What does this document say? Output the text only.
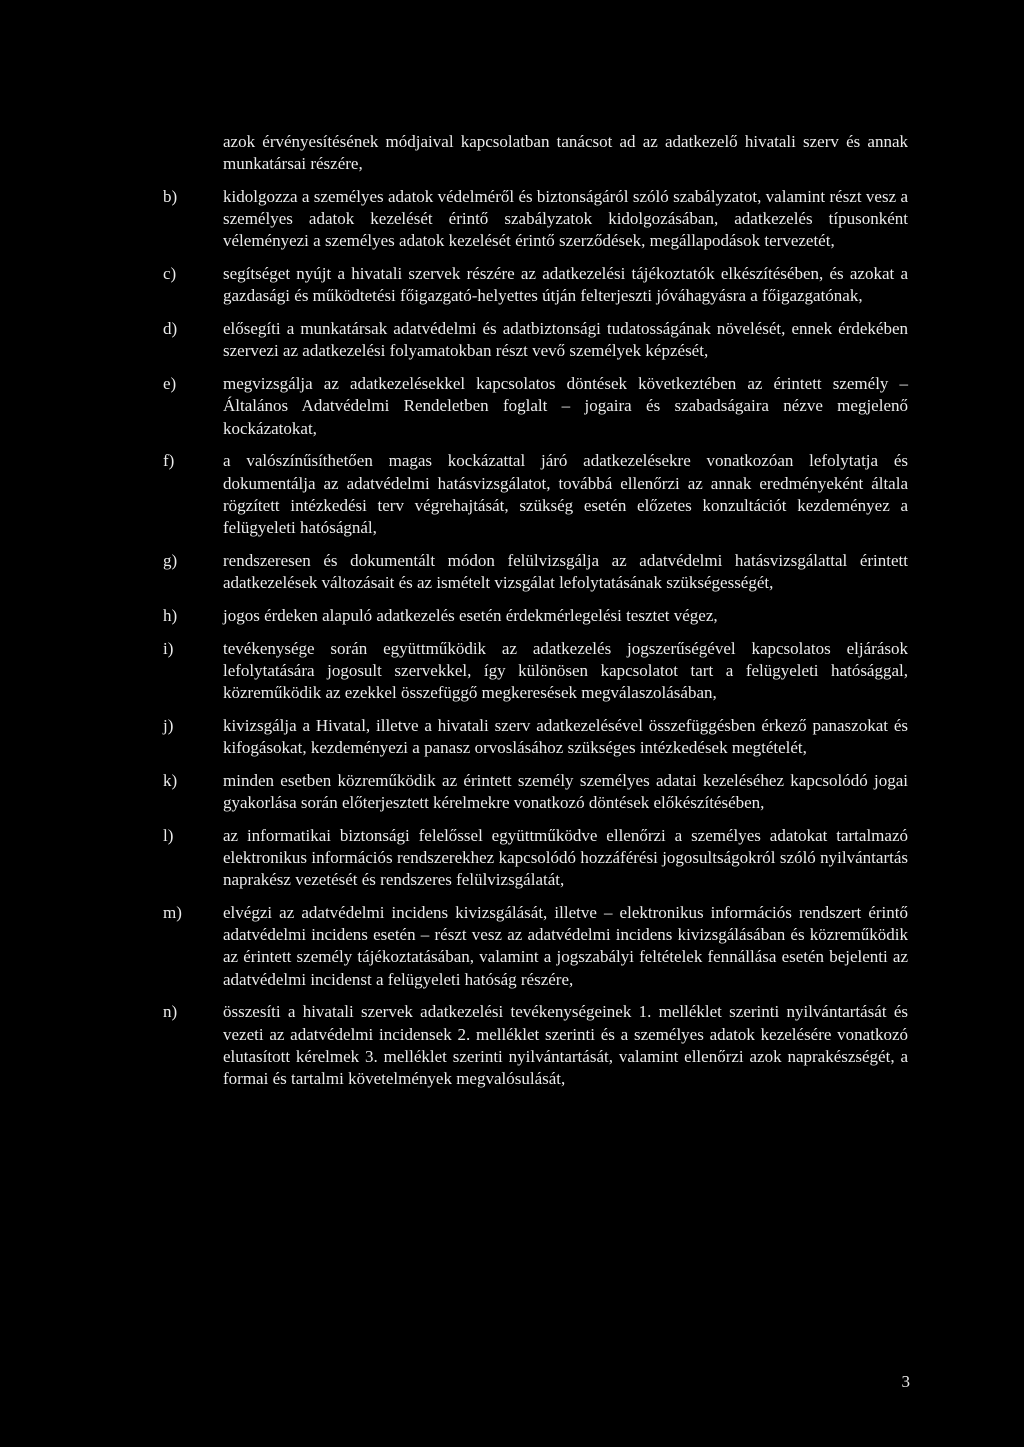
azok érvényesítésének módjaival kapcsolatban tanácsot ad az adatkezelő hivatali szerv és annak munkatársai részére,

b)	kidolgozza a személyes adatok védelméről és biztonságáról szóló szabályzatot, valamint részt vesz a személyes adatok kezelését érintő szabályzatok kidolgozásában, adatkezelés típusonként véleményezi a személyes adatok kezelését érintő szerződések, megállapodások tervezetét,

c)	segítséget nyújt a hivatali szervek részére az adatkezelési tájékoztatók elkészítésében, és azokat a gazdasági és működtetési főigazgató-helyettes útján felterjeszti jóváhagyásra a főigazgatónak,

d)	elősegíti a munkatársak adatvédelmi és adatbiztonsági tudatosságának növelését, ennek érdekében szervezi az adatkezelési folyamatokban részt vevő személyek képzését,

e)	megvizsgálja az adatkezelésekkel kapcsolatos döntések következtében az érintett személy – Általános Adatvédelmi Rendeletben foglalt – jogaira és szabadságaira nézve megjelenő kockázatokat,

f)	a valószínűsíthetően magas kockázattal járó adatkezelésekre vonatkozóan lefolytatja és dokumentálja az adatvédelmi hatásvizsgálatot, továbbá ellenőrzi az annak eredményeként általa rögzített intézkedési terv végrehajtását, szükség esetén előzetes konzultációt kezdeményez a felügyeleti hatóságnál,

g)	rendszeresen és dokumentált módon felülvizsgálja az adatvédelmi hatásvizsgálattal érintett adatkezelések változásait és az ismételt vizsgálat lefolytatásának szükségességét,

h)	jogos érdeken alapuló adatkezelés esetén érdekmérlegelési tesztet végez,

i)	tevékenysége során együttműködik az adatkezelés jogszerűségével kapcsolatos eljárások lefolytatására jogosult szervekkel, így különösen kapcsolatot tart a felügyeleti hatósággal, közreműködik az ezekkel összefüggő megkeresések megválaszolásában,

j)	kivizsgálja a Hivatal, illetve a hivatali szerv adatkezelésével összefüggésben érkező panaszokat és kifogásokat, kezdeményezi a panasz orvoslásához szükséges intézkedések megtételét,

k)	minden esetben közreműködik az érintett személy személyes adatai kezeléséhez kapcsolódó jogai gyakorlása során előterjesztett kérelmekre vonatkozó döntések előkészítésében,

l)	az informatikai biztonsági felelőssel együttműködve ellenőrzi a személyes adatokat tartalmazó elektronikus információs rendszerekhez kapcsolódó hozzáférési jogosultságokról szóló nyilvántartás naprakész vezetését és rendszeres felülvizsgálatát,

m) elvégzi az adatvédelmi incidens kivizsgálását, illetve – elektronikus információs rendszert érintő adatvédelmi incidens esetén – részt vesz az adatvédelmi incidens kivizsgálásában és közreműködik az érintett személy tájékoztatásában, valamint a jogszabályi feltételek fennállása esetén bejelenti az adatvédelmi incidenst a felügyeleti hatóság részére,

n)	összesíti a hivatali szervek adatkezelési tevékenységeinek 1. melléklet szerinti nyilvántartását és vezeti az adatvédelmi incidensek 2. melléklet szerinti és a személyes adatok kezelésére vonatkozó elutasított kérelmek 3. melléklet szerinti nyilvántartását, valamint ellenőrzi azok naprakészségét, a formai és tartalmi követelmények megvalósulását,

3
